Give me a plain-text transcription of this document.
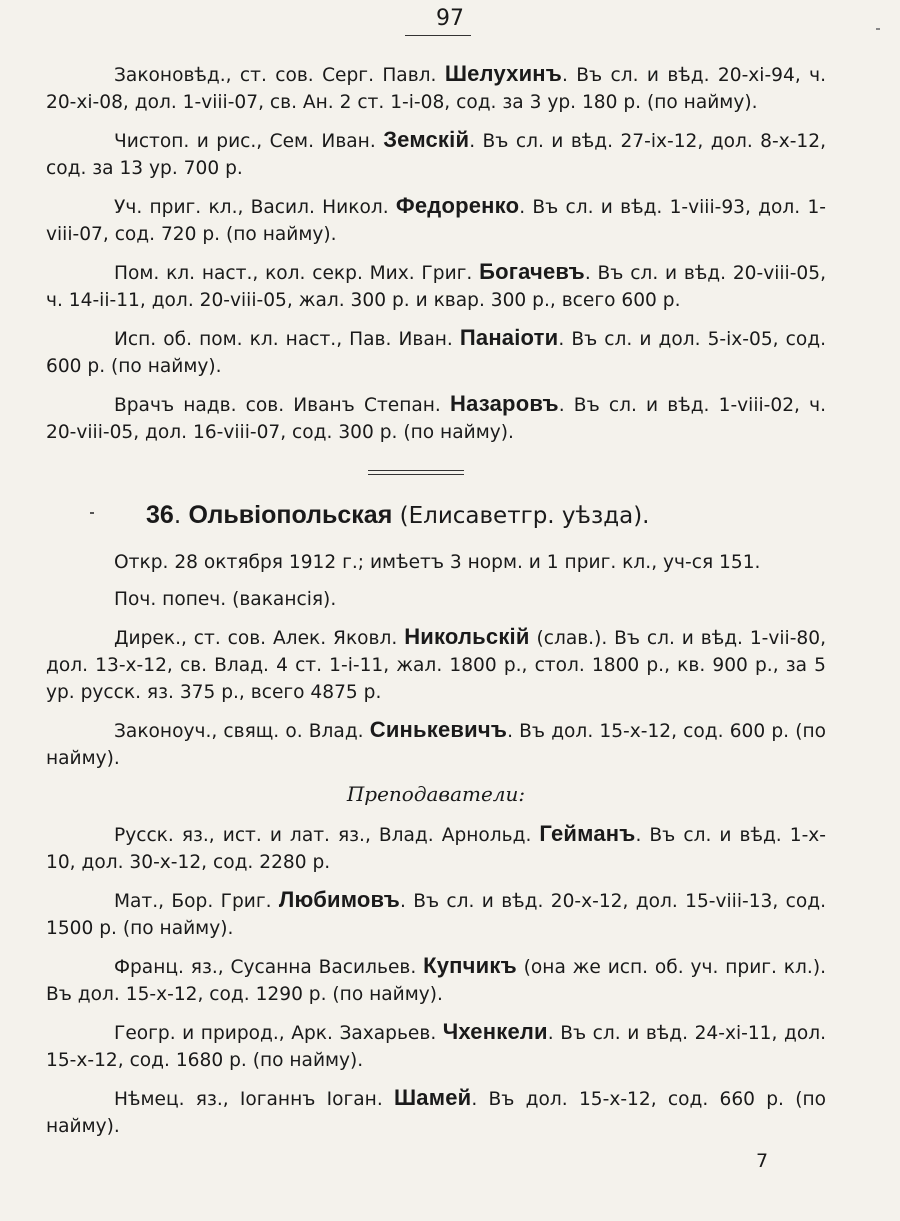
97

Законовѣд., ст. сов. Серг. Павл. Шелухинъ. Въ сл. и вѣд. 20-xi-94, ч. 20-xi-08, дол. 1-viii-07, св. Ан. 2 ст. 1-i-08, сод. за 3 ур. 180 р. (по найму).

Чистоп. и рис., Сем. Иван. Земскій. Въ сл. и вѣд. 27-ix-12, дол. 8-x-12, сод. за 13 ур. 700 р.

Уч. приг. кл., Васил. Никол. Федоренко. Въ сл. и вѣд. 1-viii-93, дол. 1-viii-07, сод. 720 р. (по найму).

Пом. кл. наст., кол. секр. Мих. Григ. Богачевъ. Въ сл. и вѣд. 20-viii-05, ч. 14-ii-11, дол. 20-viii-05, жал. 300 р. и квар. 300 р., всего 600 р.

Исп. об. пом. кл. наст., Пав. Иван. Панаіоти. Въ сл. и дол. 5-ix-05, сод. 600 р. (по найму).

Врачъ надв. сов. Иванъ Степан. Назаровъ. Въ сл. и вѣд. 1-viii-02, ч. 20-viii-05, дол. 16-viii-07, сод. 300 р. (по найму).

36. Ольвіопольская (Елисаветгр. уѣзда).

Откр. 28 октября 1912 г.; имѣетъ 3 норм. и 1 приг. кл., уч-ся 151.

Поч. попеч. (вакансія).

Дирек., ст. сов. Алек. Яковл. Никольскій (слав.). Въ сл. и вѣд. 1-vii-80, дол. 13-x-12, св. Влад. 4 ст. 1-i-11, жал. 1800 р., стол. 1800 р., кв. 900 р., за 5 ур. русск. яз. 375 р., всего 4875 р.

Законоуч., свящ. о. Влад. Синькевичъ. Въ дол. 15-x-12, сод. 600 р. (по найму).

Преподаватели:

Русск. яз., ист. и лат. яз., Влад. Арнольд. Гейманъ. Въ сл. и вѣд. 1-x-10, дол. 30-x-12, сод. 2280 р.

Мат., Бор. Григ. Любимовъ. Въ сл. и вѣд. 20-x-12, дол. 15-viii-13, сод. 1500 р. (по найму).

Франц. яз., Сусанна Васильев. Купчикъ (она же исп. об. уч. приг. кл.). Въ дол. 15-x-12, сод. 1290 р. (по найму).

Геогр. и природ., Арк. Захарьев. Чхенкели. Въ сл. и вѣд. 24-xi-11, дол. 15-x-12, сод. 1680 р. (по найму).

Нѣмец. яз., Іоганнъ Іоган. Шамей. Въ дол. 15-x-12, сод. 660 р. (по найму).

7
